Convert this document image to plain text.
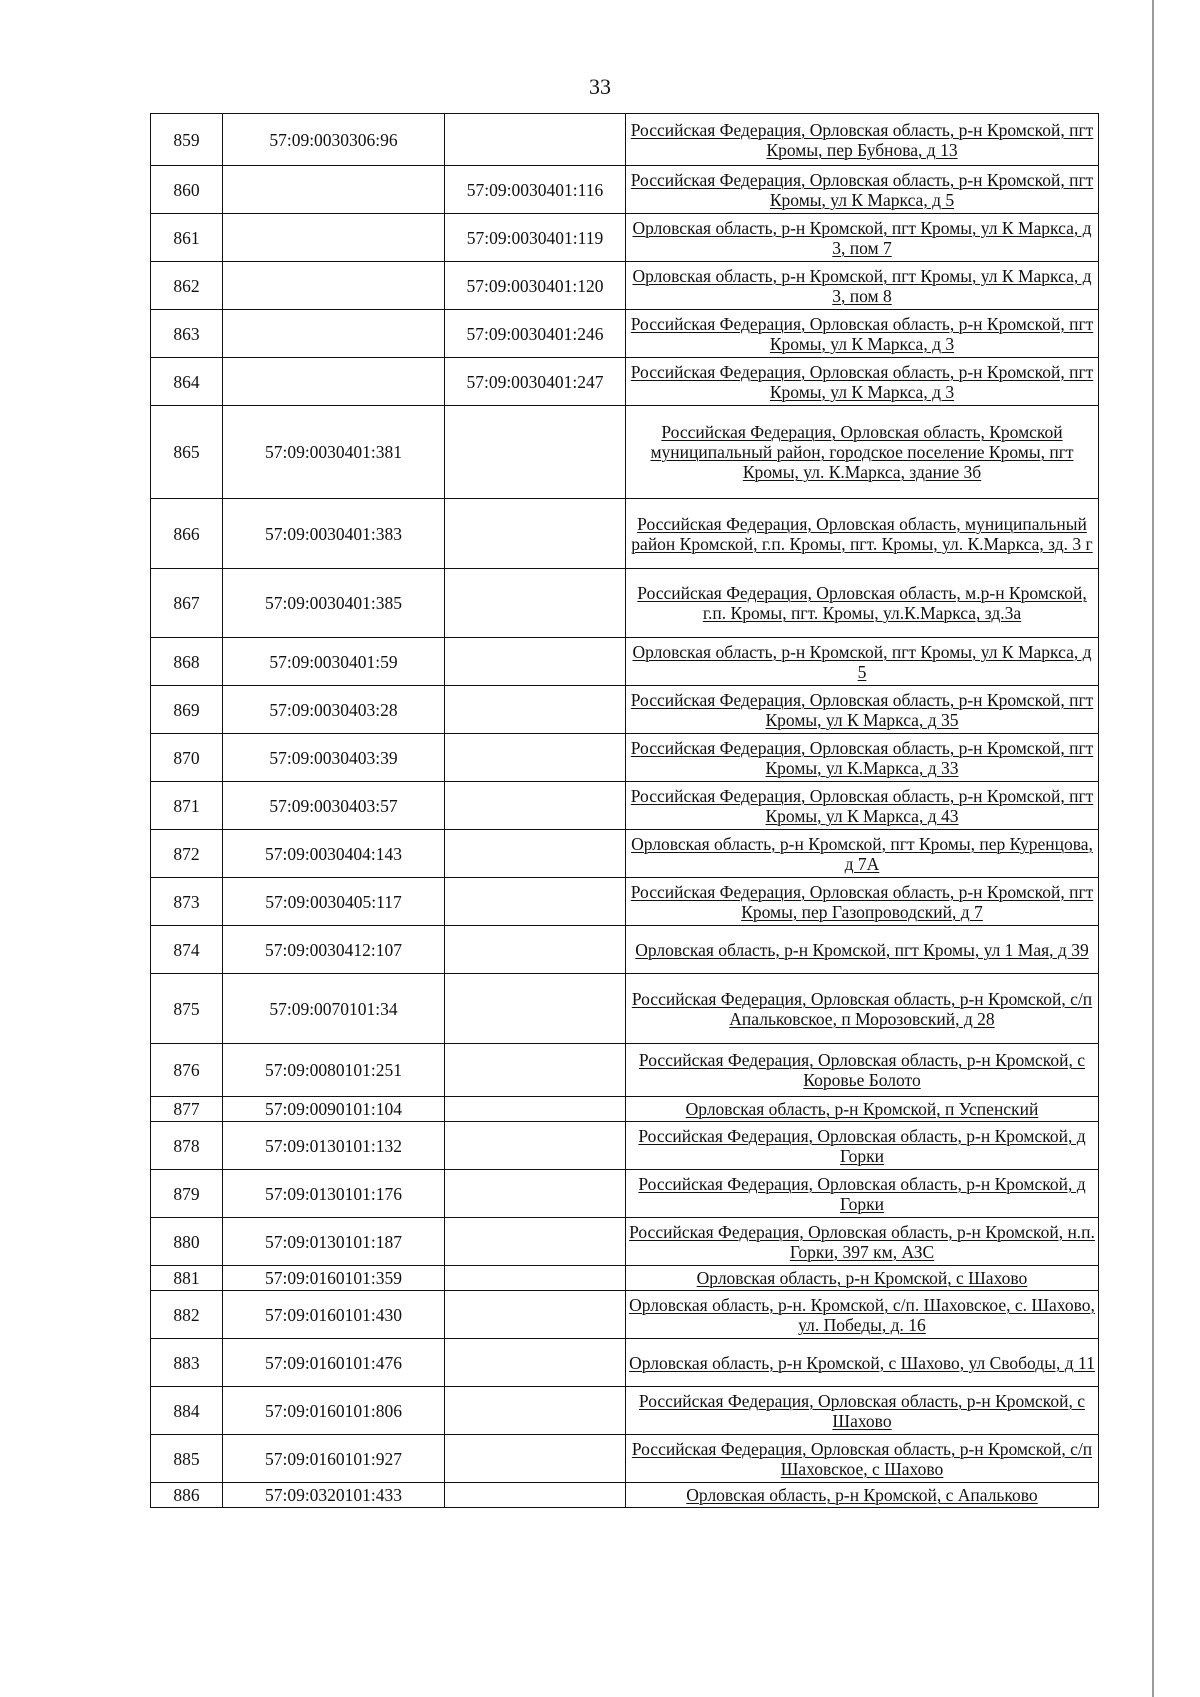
33
859	57:09:0030306:96		Российская Федерация, Орловская область, р-н Кромской, пгт Кромы, пер Бубнова, д 13
860		57:09:0030401:116	Российская Федерация, Орловская область, р-н Кромской, пгт Кромы, ул К Маркса, д 5
861		57:09:0030401:119	Орловская область, р-н Кромской, пгт Кромы, ул К Маркса, д 3, пом 7
862		57:09:0030401:120	Орловская область, р-н Кромской, пгт Кромы, ул К Маркса, д 3, пом 8
863		57:09:0030401:246	Российская Федерация, Орловская область, р-н Кромской, пгт Кромы, ул К Маркса, д 3
864		57:09:0030401:247	Российская Федерация, Орловская область, р-н Кромской, пгт Кромы, ул К Маркса, д 3
865	57:09:0030401:381		Российская Федерация, Орловская область, Кромской муниципальный район, городское поселение Кромы, пгт Кромы, ул. К.Маркса, здание 3б
866	57:09:0030401:383		Российская Федерация, Орловская область, муниципальный район Кромской, г.п. Кромы, пгт. Кромы, ул. К.Маркса, зд. 3 г
867	57:09:0030401:385		Российская Федерация, Орловская область, м.р-н Кромской, г.п. Кромы, пгт. Кромы, ул.К.Маркса, зд.3а
868	57:09:0030401:59		Орловская область, р-н Кромской, пгт Кромы, ул К Маркса, д 5
869	57:09:0030403:28		Российская Федерация, Орловская область, р-н Кромской, пгт Кромы, ул К Маркса, д 35
870	57:09:0030403:39		Российская Федерация, Орловская область, р-н Кромской, пгт Кромы, ул К.Маркса, д 33
871	57:09:0030403:57		Российская Федерация, Орловская область, р-н Кромской, пгт Кромы, ул К Маркса, д 43
872	57:09:0030404:143		Орловская область, р-н Кромской, пгт Кромы, пер Куренцова, д 7А
873	57:09:0030405:117		Российская Федерация, Орловская область, р-н Кромской, пгт Кромы, пер Газопроводский, д 7
874	57:09:0030412:107		Орловская область, р-н Кромской, пгт Кромы, ул 1 Мая, д 39
875	57:09:0070101:34		Российская Федерация, Орловская область, р-н Кромской, с/п Апальковское, п Морозовский, д 28
876	57:09:0080101:251		Российская Федерация, Орловская область, р-н Кромской, с Коровье Болото
877	57:09:0090101:104		Орловская область, р-н Кромской, п Успенский
878	57:09:0130101:132		Российская Федерация, Орловская область, р-н Кромской, д Горки
879	57:09:0130101:176		Российская Федерация, Орловская область, р-н Кромской, д Горки
880	57:09:0130101:187		Российская Федерация, Орловская область, р-н Кромской, н.п. Горки, 397 км, АЗС
881	57:09:0160101:359		Орловская область, р-н Кромской, с Шахово
882	57:09:0160101:430		Орловская область, р-н. Кромской, с/п. Шаховское, с. Шахово, ул. Победы, д. 16
883	57:09:0160101:476		Орловская область, р-н Кромской, с Шахово, ул Свободы, д 11
884	57:09:0160101:806		Российская Федерация, Орловская область, р-н Кромской, с Шахово
885	57:09:0160101:927		Российская Федерация, Орловская область, р-н Кромской, с/п Шаховское, с Шахово
886	57:09:0320101:433		Орловская область, р-н Кромской, с Апальково
